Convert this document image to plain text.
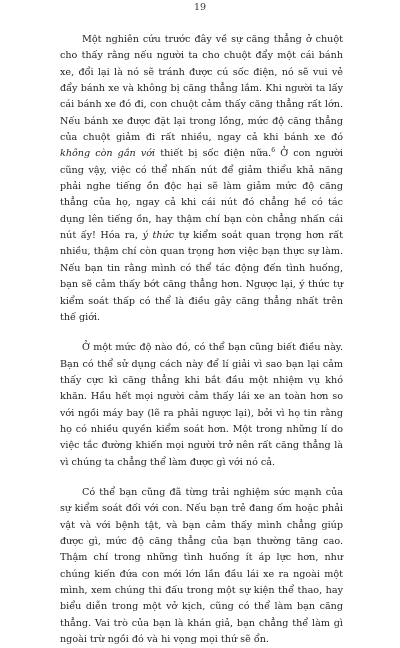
19

Một nghiên cứu trước đây về sự căng thẳng ở chuột cho thấy rằng nếu người ta cho chuột đẩy một cái bánh xe, đổi lại là nó sẽ tránh được cú sốc điện, nó sẽ vui vẻ đẩy bánh xe và không bị căng thẳng lắm. Khi người ta lấy cái bánh xe đó đi, con chuột cảm thấy căng thẳng rất lớn. Nếu bánh xe được đặt lại trong lồng, mức độ căng thẳng của chuột giảm đi rất nhiều, ngay cả khi bánh xe đó không còn gắn với thiết bị sốc điện nữa.$^6$ Ở con người cũng vậy, việc có thể nhấn nút để giảm thiểu khả năng phải nghe tiếng ồn độc hại sẽ làm giảm mức độ căng thẳng của họ, ngay cả khi cái nút đó chẳng hề có tác dụng lên tiếng ồn, hay thậm chí bạn còn chẳng nhấn cái nút ấy! Hóa ra, ý thức tự kiểm soát quan trọng hơn rất nhiều, thậm chí còn quan trọng hơn việc bạn thực sự làm. Nếu bạn tin rằng mình có thể tác động đến tình huống, bạn sẽ cảm thấy bớt căng thẳng hơn. Ngược lại, ý thức tự kiểm soát thấp có thể là điều gây căng thẳng nhất trên thế giới.

Ở một mức độ nào đó, có thể bạn cũng biết điều này. Bạn có thể sử dụng cách này để lí giải vì sao bạn lại cảm thấy cực kì căng thẳng khi bắt đầu một nhiệm vụ khó khăn. Hầu hết mọi người cảm thấy lái xe an toàn hơn so với ngồi máy bay (lẽ ra phải ngược lại), bởi vì họ tin rằng họ có nhiều quyền kiểm soát hơn. Một trong những lí do việc tắc đường khiến mọi người trở nên rất căng thẳng là vì chúng ta chẳng thể làm được gì với nó cả.

Có thể bạn cũng đã từng trải nghiệm sức mạnh của sự kiểm soát đối với con. Nếu bạn trẻ đang ốm hoặc phải vật và với bệnh tật, và bạn cảm thấy mình chẳng giúp được gì, mức độ căng thẳng của bạn thường tăng cao. Thậm chí trong những tình huống ít áp lực hơn, như chúng kiến đứa con mới lớn lần đầu lái xe ra ngoài một mình, xem chúng thi đấu trong một sự kiện thể thao, hay biểu diễn trong một vở kịch, cũng có thể làm bạn căng thẳng. Vai trò của bạn là khán giả, bạn chẳng thể làm gì ngoài trừ ngồi đó và hi vọng mọi thứ sẽ ổn.
